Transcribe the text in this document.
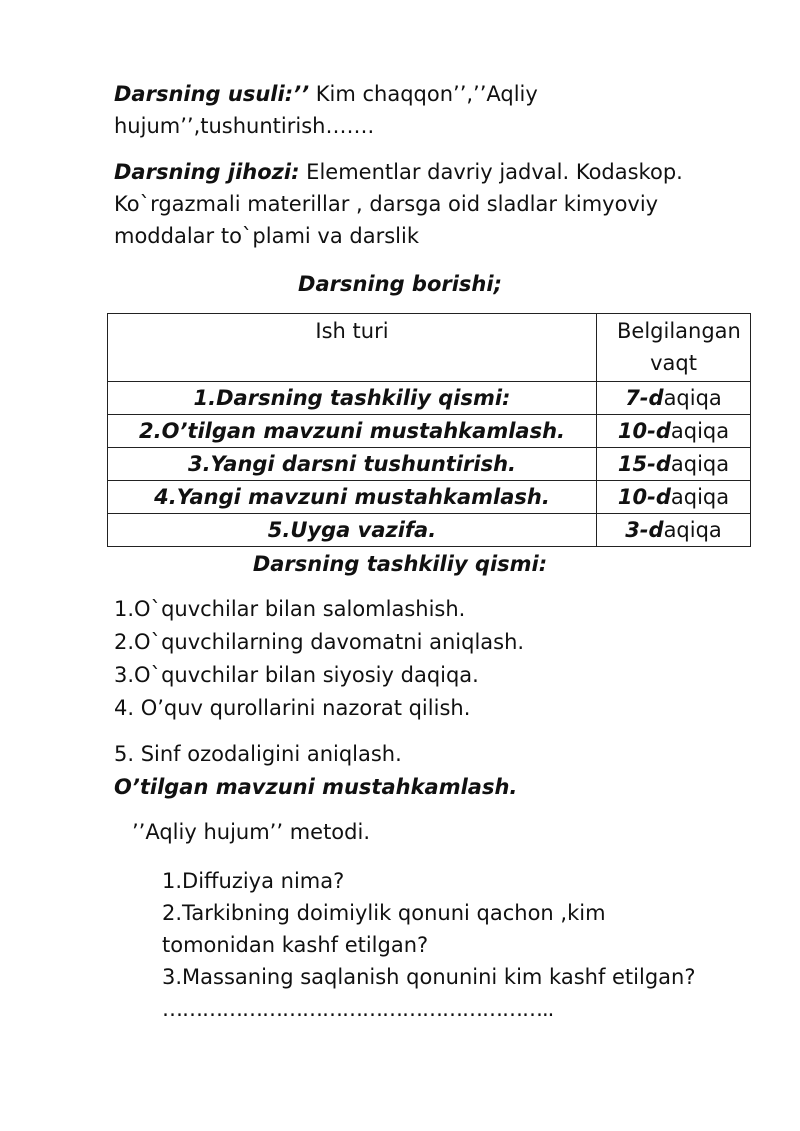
Darsning usuli:’’ Kim chaqqon’’,’’Aqliy hujum’’,tushuntirish…….

Darsning jihozi: Elementlar davriy jadval. Kodaskop. Ko`rgazmali materillar , darsga oid sladlar kimyoviy moddalar to`plami va darslik

Darsning borishi;

Ish turi	Belgilangan vaqt
1.Darsning tashkiliy qismi:	7-daqiqa
2.O’tilgan mavzuni mustahkamlash.	10-daqiqa
3.Yangi darsni tushuntirish.	15-daqiqa
4.Yangi mavzuni mustahkamlash.	10-daqiqa
5.Uyga vazifa.	3-daqiqa

Darsning tashkiliy qismi:

1.O`quvchilar bilan salomlashish.
2.O`quvchilarning davomatni aniqlash.
3.O`quvchilar bilan siyosiy daqiqa.
4. O’quv qurollarini nazorat qilish.

5. Sinf ozodaligini aniqlash.

O’tilgan mavzuni mustahkamlash.

’’Aqliy hujum’’ metodi.

1.Diffuziya nima?
2.Tarkibning doimiylik qonuni qachon ,kim tomonidan kashf etilgan?
3.Massaning saqlanish qonunini kim kashf etilgan?
…………………………………………………..
